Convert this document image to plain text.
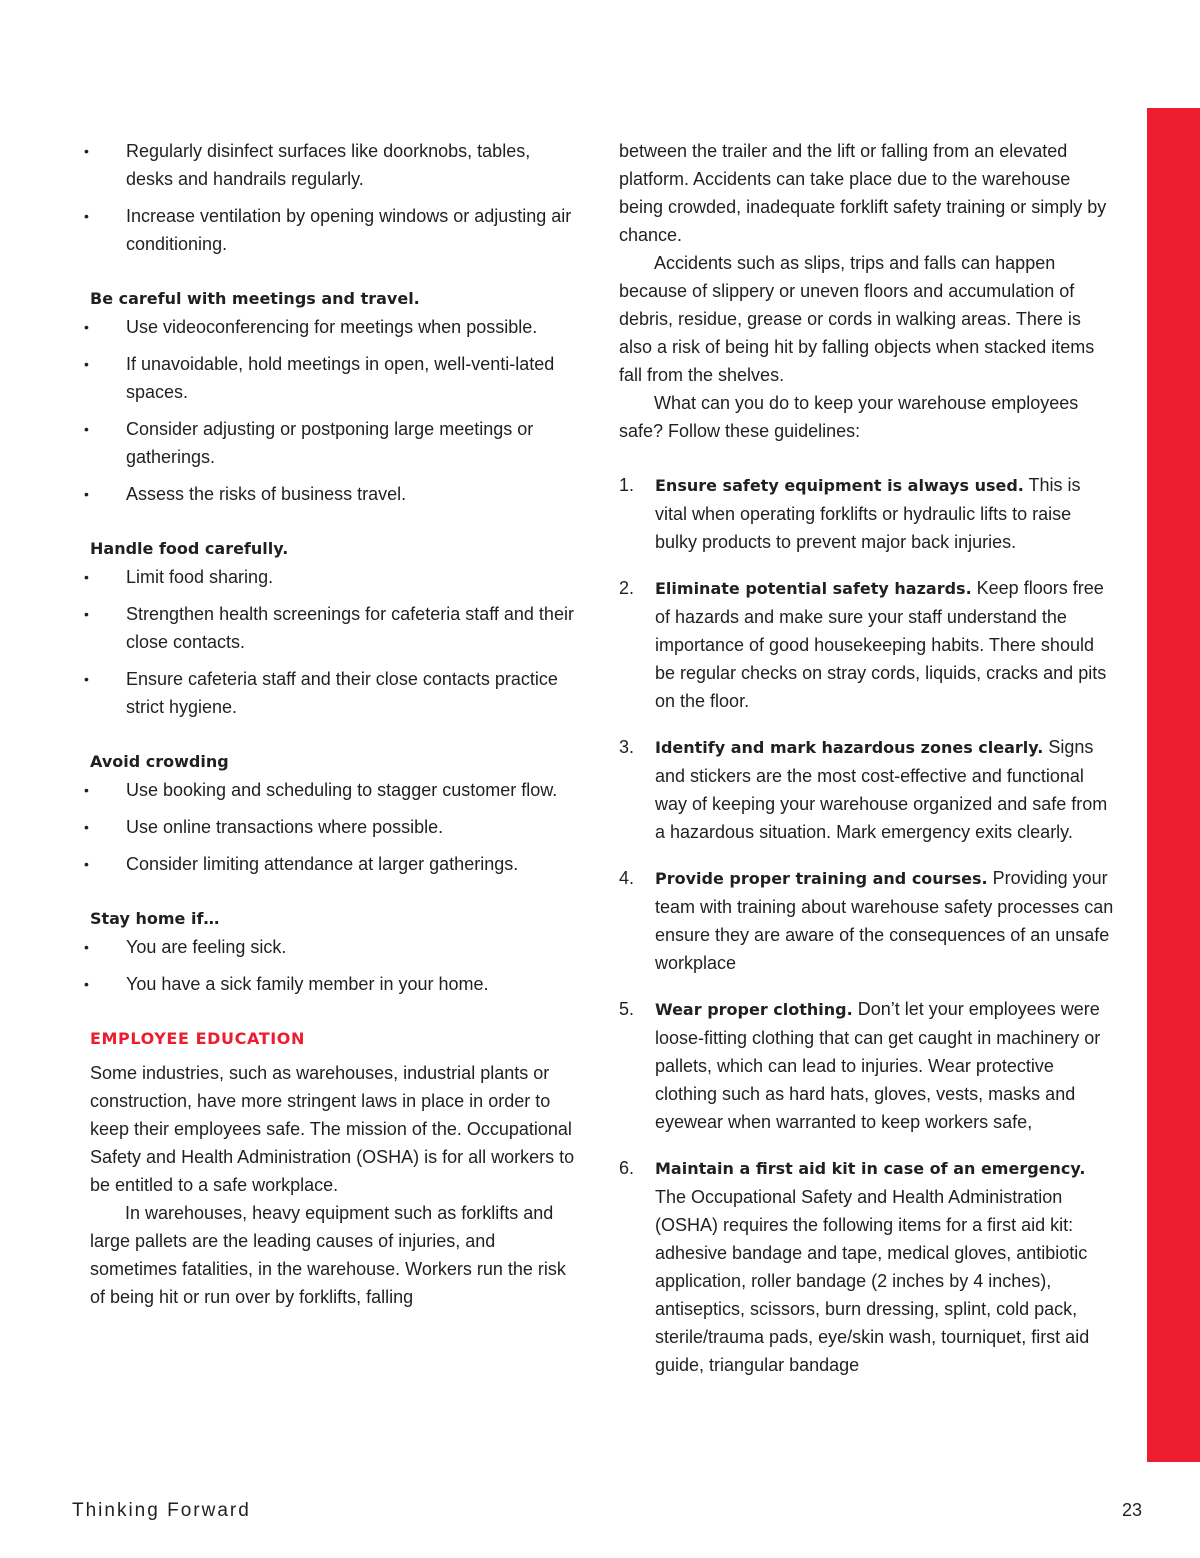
• Regularly disinfect surfaces like doorknobs, tables, desks and handrails regularly.
• Increase ventilation by opening windows or adjusting air conditioning.
Be careful with meetings and travel.
• Use videoconferencing for meetings when possible.
• If unavoidable, hold meetings in open, well-venti-lated spaces.
• Consider adjusting or postponing large meetings or gatherings.
• Assess the risks of business travel.
Handle food carefully.
• Limit food sharing.
• Strengthen health screenings for cafeteria staff and their close contacts.
• Ensure cafeteria staff and their close contacts practice strict hygiene.
Avoid crowding
• Use booking and scheduling to stagger customer flow.
• Use online transactions where possible.
• Consider limiting attendance at larger gatherings.
Stay home if…
• You are feeling sick.
• You have a sick family member in your home.
EMPLOYEE EDUCATION

Some industries, such as warehouses, industrial plants or construction, have more stringent laws in place in order to keep their employees safe. The mission of the. Occupational Safety and Health Administration (OSHA) is for all workers to be entitled to a safe workplace.

In warehouses, heavy equipment such as forklifts and large pallets are the leading causes of injuries, and sometimes fatalities, in the warehouse. Workers run the risk of being hit or run over by forklifts, falling

between the trailer and the lift or falling from an elevated platform. Accidents can take place due to the warehouse being crowded, inadequate forklift safety training or simply by chance.

Accidents such as slips, trips and falls can happen because of slippery or uneven floors and accumulation of debris, residue, grease or cords in walking areas. There is also a risk of being hit by falling objects when stacked items fall from the shelves.

What can you do to keep your warehouse employees safe? Follow these guidelines:

1. Ensure safety equipment is always used. This is vital when operating forklifts or hydraulic lifts to raise bulky products to prevent major back injuries.
2. Eliminate potential safety hazards. Keep floors free of hazards and make sure your staff understand the importance of good housekeeping habits. There should be regular checks on stray cords, liquids, cracks and pits on the floor.
3. Identify and mark hazardous zones clearly. Signs and stickers are the most cost-effective and functional way of keeping your warehouse organized and safe from a hazardous situation. Mark emergency exits clearly.
4. Provide proper training and courses. Providing your team with training about warehouse safety processes can ensure they are aware of the consequences of an unsafe workplace
5. Wear proper clothing. Don’t let your employees were loose-fitting clothing that can get caught in machinery or pallets, which can lead to injuries. Wear protective clothing such as hard hats, gloves, vests, masks and eyewear when warranted to keep workers safe,
6. Maintain a first aid kit in case of an emergency. The Occupational Safety and Health Administration (OSHA) requires the following items for a first aid kit: adhesive bandage and tape, medical gloves, antibiotic application, roller bandage (2 inches by 4 inches), antiseptics, scissors, burn dressing, splint, cold pack, sterile/trauma pads, eye/skin wash, tourniquet, first aid guide, triangular bandage
Thinking Forward	23
